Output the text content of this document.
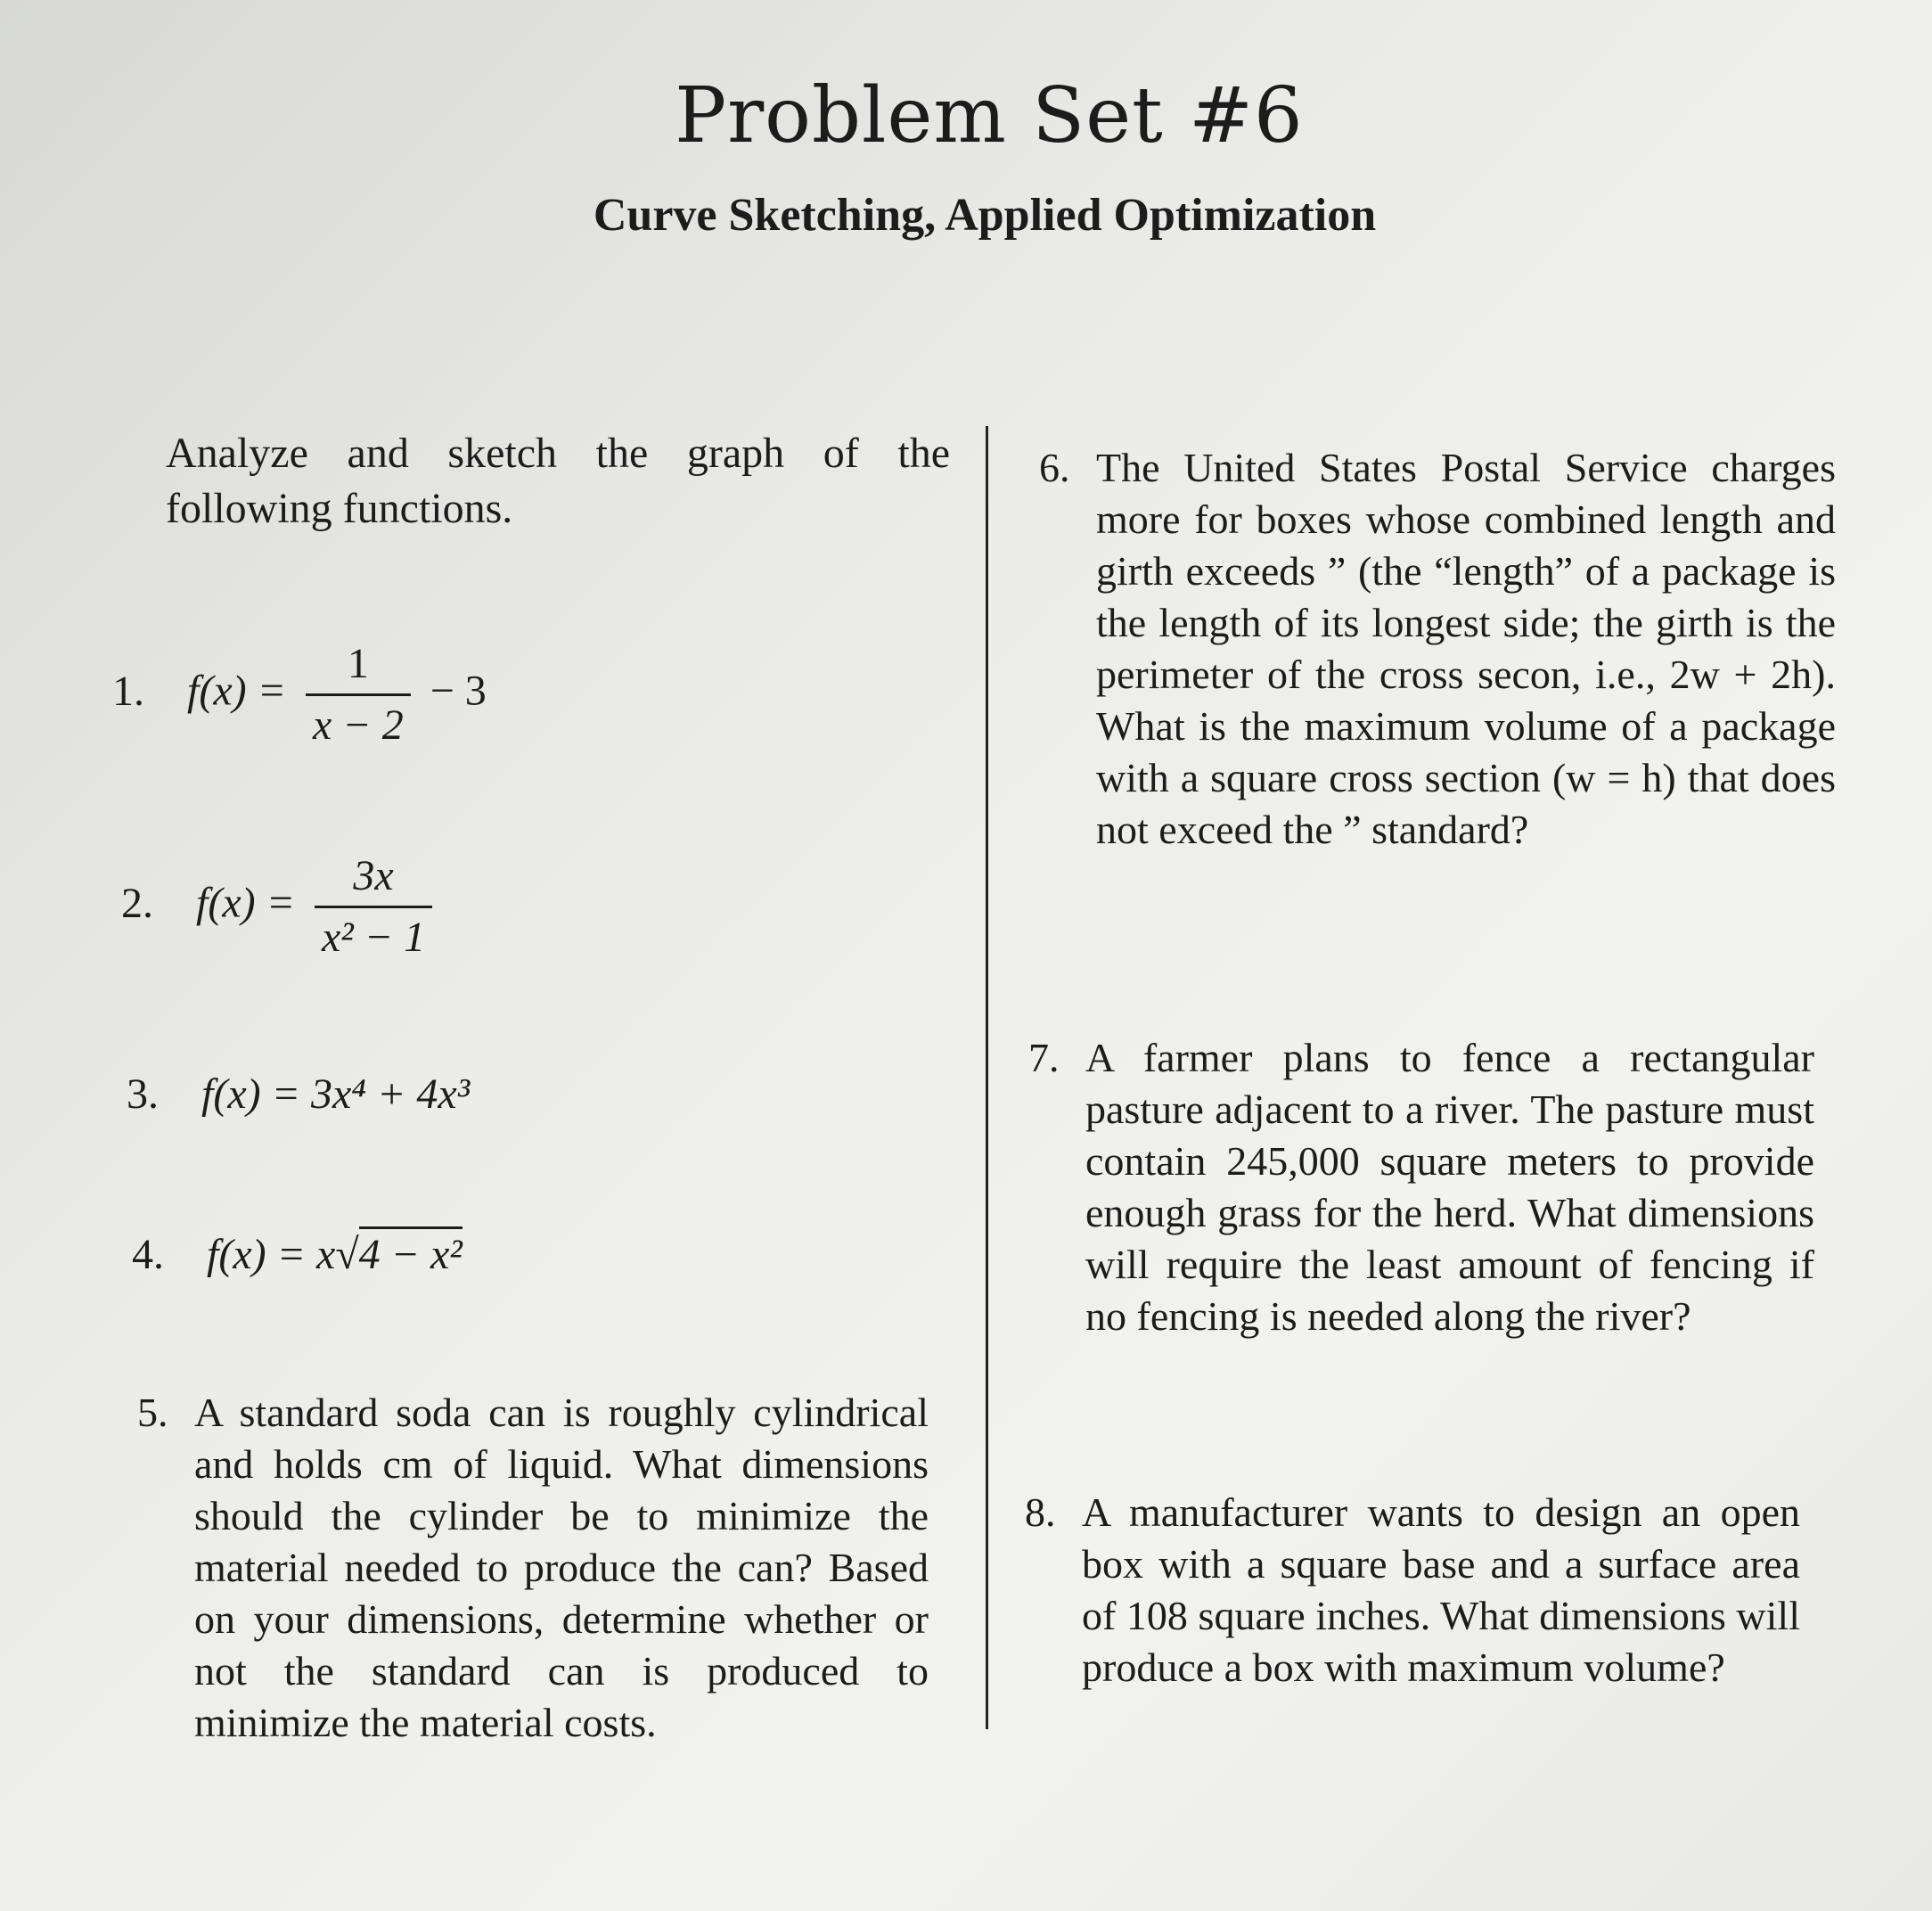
Problem Set #6
Curve Sketching, Applied Optimization
Analyze and sketch the graph of the following functions.
1. $f(x) = \frac{1}{x - 2} - 3$
2. $f(x) = \frac{3x}{\text{x² − 1}}$
3. f(x) = 3x⁴ + 4x³
4. f(x) = x√4 − x²
5. A standard soda can is roughly cylindrical and holds cm of liquid. What dimensions should the cylinder be to minimize the material needed to produce the can? Based on your dimensions, determine whether or not the standard can is produced to minimize the material costs.
6. The United States Postal Service charges more for boxes whose combined length and girth exceeds ” (the “length” of a package is the length of its longest side; the girth is the perimeter of the cross secon, i.e., 2w + 2h). What is the maximum volume of a package with a square cross section (w = h) that does not exceed the ” standard?
7. A farmer plans to fence a rectangular pasture adjacent to a river. The pasture must contain 245,000 square meters to provide enough grass for the herd. What dimensions will require the least amount of fencing if no fencing is needed along the river?
8. A manufacturer wants to design an open box with a square base and a surface area of 108 square inches. What dimensions will produce a box with maximum volume?
